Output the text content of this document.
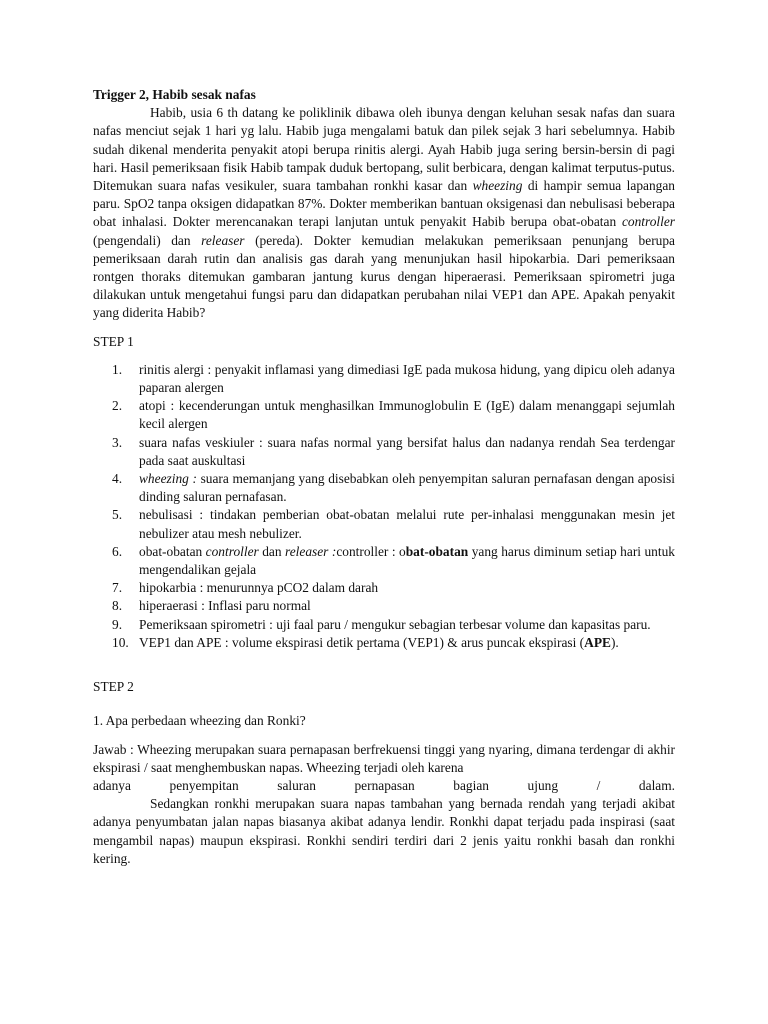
Trigger 2, Habib sesak nafas

Habib, usia 6 th datang ke poliklinik dibawa oleh ibunya dengan keluhan sesak nafas dan suara nafas menciut sejak 1 hari yg lalu. Habib juga mengalami batuk dan pilek sejak 3 hari sebelumnya. Habib sudah dikenal menderita penyakit atopi berupa rinitis alergi. Ayah Habib juga sering bersin-bersin di pagi hari. Hasil pemeriksaan fisik Habib tampak duduk bertopang, sulit berbicara, dengan kalimat terputus-putus. Ditemukan suara nafas vesikuler, suara tambahan ronkhi kasar dan wheezing di hampir semua lapangan paru. SpO2 tanpa oksigen didapatkan 87%. Dokter memberikan bantuan oksigenasi dan nebulisasi beberapa obat inhalasi. Dokter merencanakan terapi lanjutan untuk penyakit Habib berupa obat-obatan controller (pengendali) dan releaser (pereda). Dokter kemudian melakukan pemeriksaan penunjang berupa pemeriksaan darah rutin dan analisis gas darah yang menunjukan hasil hipokarbia. Dari pemeriksaan rontgen thoraks ditemukan gambaran jantung kurus dengan hiperaerasi. Pemeriksaan spirometri juga dilakukan untuk mengetahui fungsi paru dan didapatkan perubahan nilai VEP1 dan APE. Apakah penyakit yang diderita Habib?

STEP 1

1.	rinitis alergi : penyakit inflamasi yang dimediasi IgE pada mukosa hidung, yang dipicu oleh adanya paparan alergen
2.	atopi : kecenderungan untuk menghasilkan Immunoglobulin E (IgE) dalam menanggapi sejumlah kecil alergen
3.	suara nafas veskiuler : suara nafas normal yang bersifat halus dan nadanya rendah Sea terdengar pada saat auskultasi
4.	wheezing : suara memanjang yang disebabkan oleh penyempitan saluran pernafasan dengan aposisi dinding saluran pernafasan.
5.	nebulisasi : tindakan pemberian obat-obatan melalui rute per-inhalasi menggunakan mesin jet nebulizer atau mesh nebulizer.
6.	obat-obatan controller dan releaser :controller : obat-obatan yang harus diminum setiap hari untuk mengendalikan gejala
7.	hipokarbia : menurunnya pCO2 dalam darah
8.	hiperaerasi : Inflasi paru normal
9.	Pemeriksaan spirometri : uji faal paru / mengukur sebagian terbesar volume dan kapasitas paru.
10. VEP1 dan APE : volume ekspirasi detik pertama (VEP1) & arus puncak ekspirasi (APE).

STEP 2

1. Apa perbedaan wheezing dan Ronki?

Jawab : Wheezing merupakan suara pernapasan berfrekuensi tinggi yang nyaring, dimana terdengar di akhir ekspirasi / saat menghembuskan napas. Wheezing terjadi oleh karena

adanya penyempitan saluran pernapasan bagian ujung / dalam.

Sedangkan ronkhi merupakan suara napas tambahan yang bernada rendah yang terjadi akibat adanya penyumbatan jalan napas biasanya akibat adanya lendir. Ronkhi dapat terjadu pada inspirasi (saat mengambil napas) maupun ekspirasi. Ronkhi sendiri terdiri dari 2 jenis yaitu ronkhi basah dan ronkhi kering.
